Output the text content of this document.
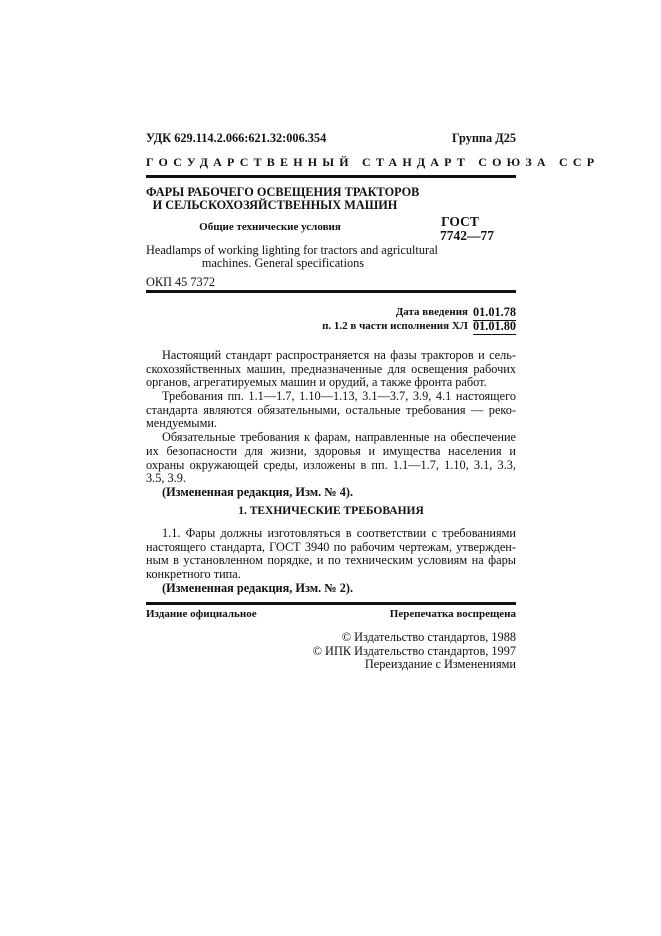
УДК 629.114.2.066:621.32:006.354	Группа Д25
ГОСУДАРСТВЕННЫЙ СТАНДАРТ СОЮЗА ССР
ФАРЫ РАБОЧЕГО ОСВЕЩЕНИЯ ТРАКТОРОВ
И СЕЛЬСКОХОЗЯЙСТВЕННЫХ МАШИН
Общие технические условия	ГОСТ
7742—77
Headlamps of working lighting for tractors and agricultural
machines. General specifications
ОКП 45 7372
Дата введения 01.01.78
п. 1.2 в части исполнения ХЛ 01.01.80
Настоящий стандарт распространяется на фазы тракторов и сель-
скохозяйственных машин, предназначенные для освещения рабочих
органов, агрегатируемых машин и орудий, а также фронта работ.
Требования пп. 1.1—1.7, 1.10—1.13, 3.1—3.7, 3.9, 4.1 настоящего
стандарта являются обязательными, остальные требования — реко-
мендуемыми.
Обязательные требования к фарам, направленные на обеспечение
их безопасности для жизни, здоровья и имущества населения и
охраны окружающей среды, изложены в пп. 1.1—1.7, 1.10, 3.1, 3.3,
3.5, 3.9.
(Измененная редакция, Изм. № 4).
1. ТЕХНИЧЕСКИЕ ТРЕБОВАНИЯ
1.1. Фары должны изготовляться в соответствии с требованиями
настоящего стандарта, ГОСТ 3940 по рабочим чертежам, утвержден-
ным в установленном порядке, и по техническим условиям на фары
конкретного типа.
(Измененная редакция, Изм. № 2).
Издание официальное	Перепечатка воспрещена
© Издательство стандартов, 1988
© ИПК Издательство стандартов, 1997
Переиздание с Изменениями
